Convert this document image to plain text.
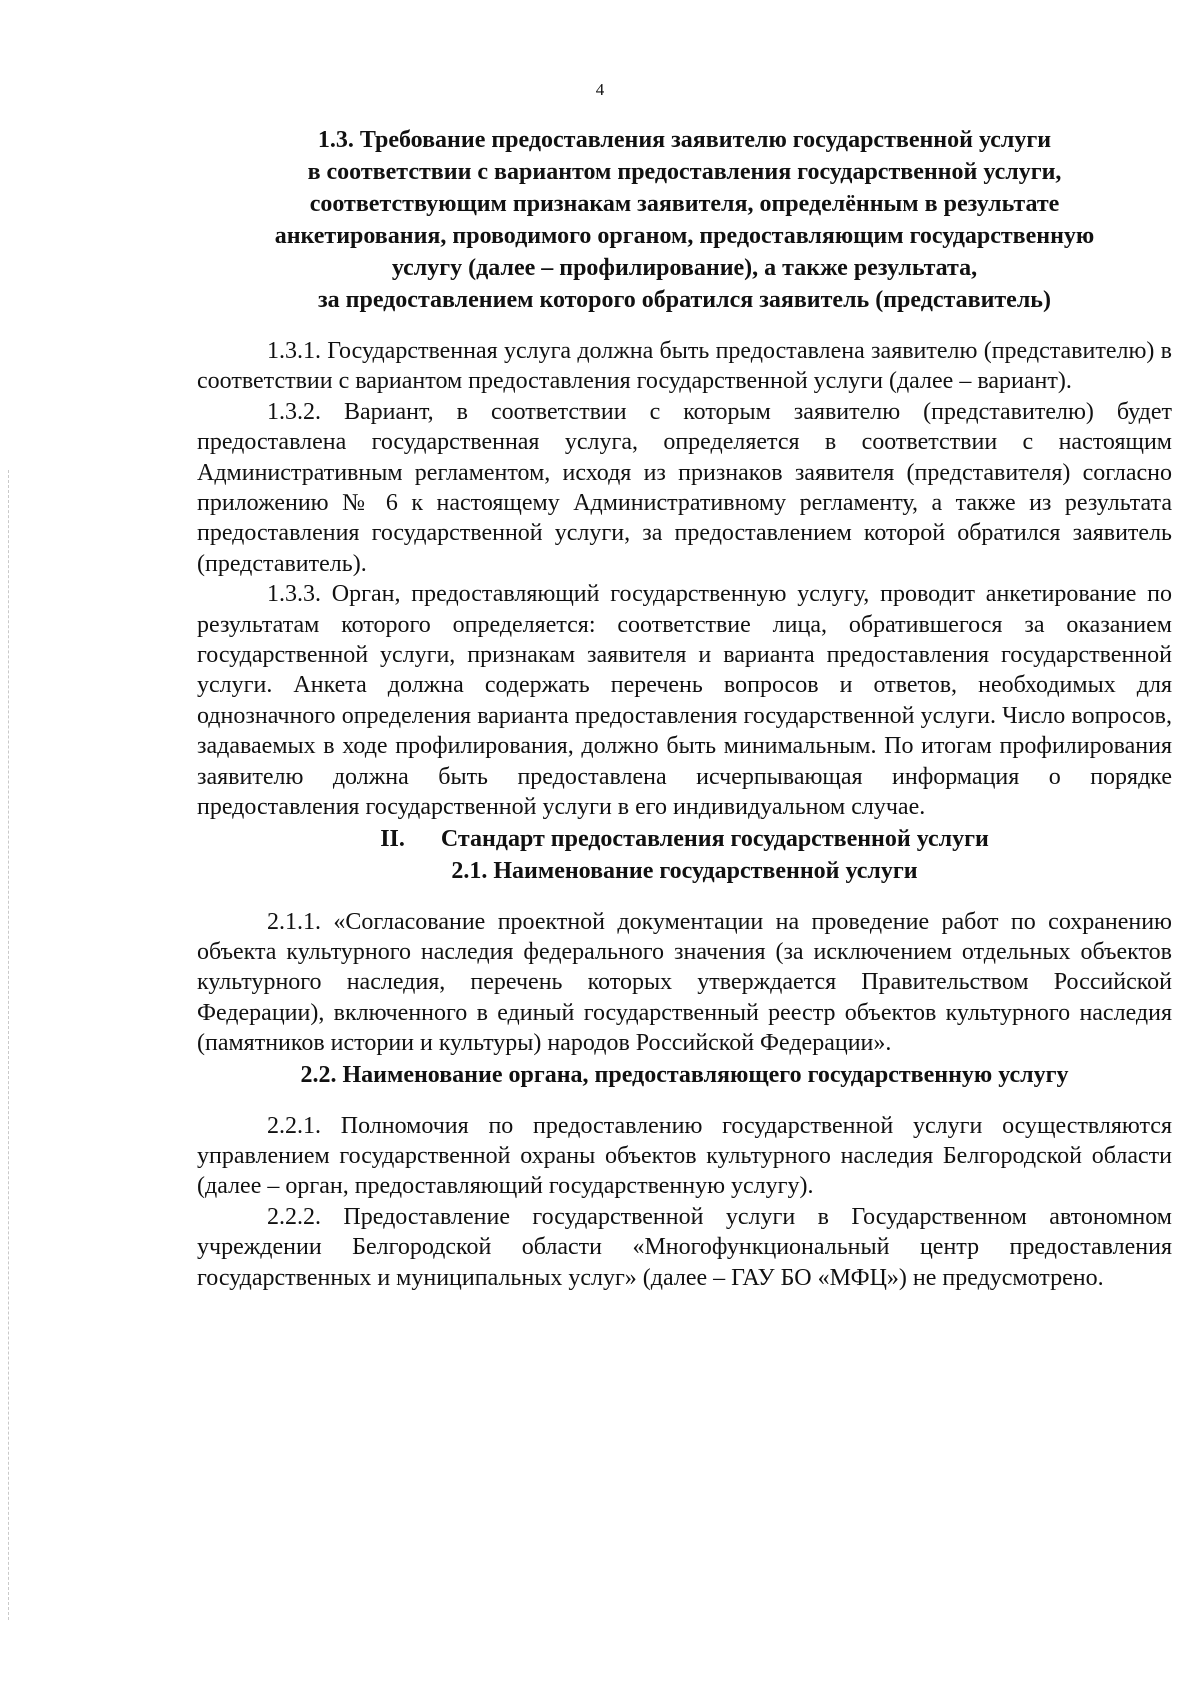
4

1.3. Требование предоставления заявителю государственной услуги

в соответствии с вариантом предоставления государственной услуги,

соответствующим признакам заявителя, определённым в результате

анкетирования, проводимого органом, предоставляющим государственную

услугу (далее – профилирование), а также результата,

за предоставлением которого обратился заявитель (представитель)

1.3.1. Государственная услуга должна быть предоставлена заявителю (представителю) в соответствии с вариантом предоставления государственной услуги (далее – вариант).

1.3.2. Вариант, в соответствии с которым заявителю (представителю) будет предоставлена государственная услуга, определяется в соответствии с настоящим Административным регламентом, исходя из признаков заявителя (представителя) согласно приложению № 6 к настоящему Административному регламенту, а также из результата предоставления государственной услуги, за предоставлением которой обратился заявитель (представитель).

1.3.3. Орган, предоставляющий государственную услугу, проводит анкетирование по результатам которого определяется: соответствие лица, обратившегося за оказанием государственной услуги, признакам заявителя и варианта предоставления государственной услуги. Анкета должна содержать перечень вопросов и ответов, необходимых для однозначного определения варианта предоставления государственной услуги. Число вопросов, задаваемых в ходе профилирования, должно быть минимальным. По итогам профилирования заявителю должна быть предоставлена исчерпывающая информация о порядке предоставления государственной услуги в его индивидуальном случае.

II. Стандарт предоставления государственной услуги

2.1. Наименование государственной услуги

2.1.1. «Согласование проектной документации на проведение работ по сохранению объекта культурного наследия федерального значения (за исключением отдельных объектов культурного наследия, перечень которых утверждается Правительством Российской Федерации), включенного в единый государственный реестр объектов культурного наследия (памятников истории и культуры) народов Российской Федерации».

2.2. Наименование органа, предоставляющего государственную услугу

2.2.1. Полномочия по предоставлению государственной услуги осуществляются управлением государственной охраны объектов культурного наследия Белгородской области (далее – орган, предоставляющий государственную услугу).

2.2.2. Предоставление государственной услуги в Государственном автономном учреждении Белгородской области «Многофункциональный центр предоставления государственных и муниципальных услуг» (далее – ГАУ БО «МФЦ») не предусмотрено.
